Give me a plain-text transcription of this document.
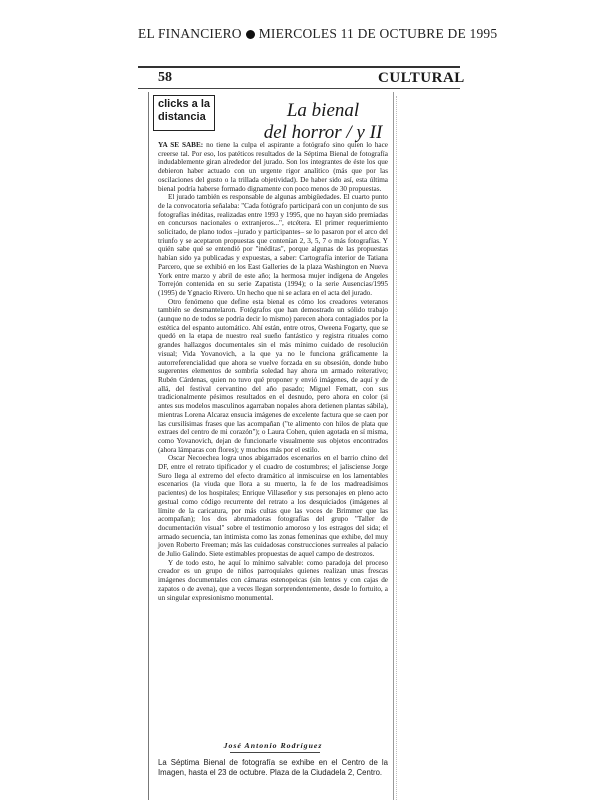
EL FINANCIERO MIERCOLES 11 DE OCTUBRE DE 1995
58	CULTURAL
clicks a la
distancia	La bienal
del horror / y II

YA SE SABE: no tiene la culpa el aspirante a fotógrafo sino quien lo hace creerse tal. Por eso, los patéticos resultados de la Séptima Bienal de fotografía indudablemente giran alrededor del jurado. Son los integrantes de éste los que debieron haber actuado con un urgente rigor analítico (más que por las oscilaciones del gusto o la trillada objetividad). De haber sido así, esta última bienal podría haberse formado dignamente con poco menos de 30 propuestas.

El jurado también es responsable de algunas ambigüedades. El cuarto punto de la convocatoria señalaba: "Cada fotógrafo participará con un conjunto de sus fotografías inéditas, realizadas entre 1993 y 1995, que no hayan sido premiadas en concursos nacionales o extranjeros...", etcétera. El primer requerimiento solicitado, de plano todos –jurado y participantes– se lo pasaron por el arco del triunfo y se aceptaron propuestas que contenían 2, 3, 5, 7 o más fotografías. Y quién sabe qué se entendió por "inéditas", porque algunas de las propuestas habían sido ya publicadas y expuestas, a saber: Cartografía interior de Tatiana Parcero, que se exhibió en los East Galleries de la plaza Washington en Nueva York entre marzo y abril de este año; la hermosa mujer indígena de Angeles Torrejón contenida en su serie Zapatista (1994); o la serie Ausencias/1995 (1995) de Ygnacio Rivero. Un hecho que ni se aclara en el acta del jurado.

Otro fenómeno que define esta bienal es cómo los creadores veteranos también se desmantelaron. Fotógrafos que han demostrado un sólido trabajo (aunque no de todos se podría decir lo mismo) parecen ahora contagiados por la estética del espanto automático. Ahí están, entre otros, Oweena Fogarty, que se quedó en la etapa de nuestro real sueño fantástico y registra rituales como grandes hallazgos documentales sin el más mínimo cuidado de resolución visual; Vida Yovanovich, a la que ya no le funciona gráficamente la autorreferencialidad que ahora se vuelve forzada en su obsesión, donde hubo sugerentes elementos de sombría soledad hay ahora un armado reiterativo; Rubén Cárdenas, quien no tuvo qué proponer y envió imágenes, de aquí y de allá, del festival cervantino del año pasado; Miguel Fematt, con sus tradicionalmente pésimos resultados en el desnudo, pero ahora en color (si antes sus modelos masculinos agarraban nopales ahora detienen plantas sábila), mientras Lorena Alcaraz ensucia imágenes de excelente factura que se caen por las cursilísimas frases que las acompañan ("te alimento con hilos de plata que extraes del centro de mi corazón"); o Laura Cohen, quien agotada en sí misma, como Yovanovich, dejan de funcionarle visualmente sus objetos encontrados (ahora lámparas con flores); y muchos más por el estilo.

Oscar Necoechea logra unos abigarrados escenarios en el barrio chino del DF, entre el retrato tipificador y el cuadro de costumbres; el jalisciense Jorge Suro llega al extremo del efecto dramático al inmiscuirse en los lamentables escenarios (la viuda que llora a su muerto, la fe de los madreadísimos pacientes) de los hospitales; Enrique Villaseñor y sus personajes en pleno acto gestual como código recurrente del retrato a los desquiciados (imágenes al límite de la caricatura, por más cultas que las voces de Brimmer que las acompañan); los dos abrumadoras fotografías del grupo "Taller de documentación visual" sobre el testimonio amoroso y los estragos del sida; el armado secuencia, tan íntimista como las zonas femeninas que exhibe, del muy joven Roberto Freeman; más las cuidadosas construcciones surreales al palacio de Julio Galindo. Siete estimables propuestas de aquel campo de destrozos.

Y de todo esto, he aquí lo mínimo salvable: como paradoja del proceso creador es un grupo de niños parroquiales quienes realizan unas frescas imágenes documentales con cámaras estenopeicas (sin lentes y con cajas de zapatos o de avena), que a veces llegan sorprendentemente, desde lo fortuito, a un singular expresionismo monumental.

José Antonio Rodríguez
La Séptima Bienal de fotografía se exhibe en el Centro de la Imagen, hasta el 23 de octubre. Plaza de la Ciudadela 2, Centro.
